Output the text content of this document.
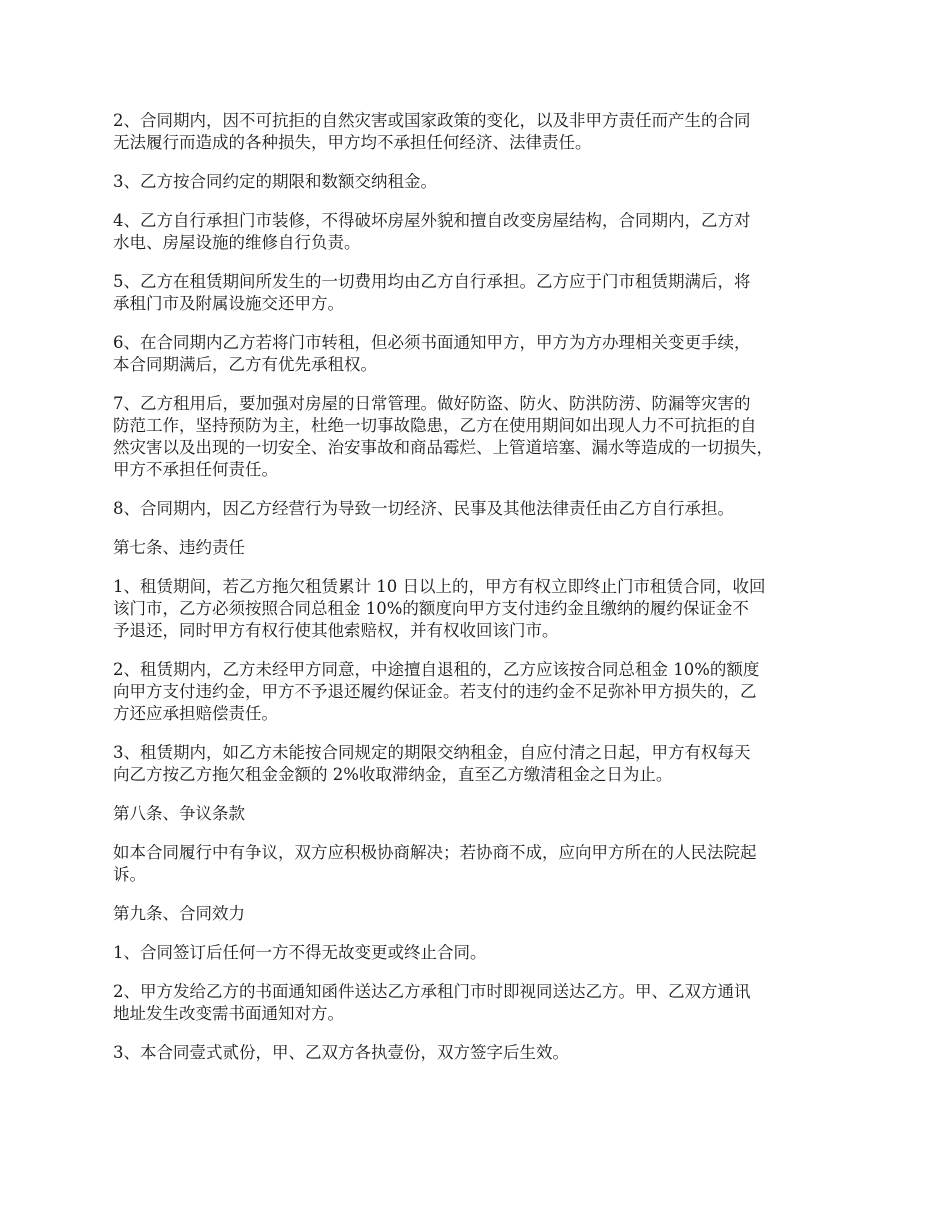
2、合同期内，因不可抗拒的自然灾害或国家政策的变化，以及非甲方责任而产生的合同
无法履行而造成的各种损失，甲方均不承担任何经济、法律责任。

3、乙方按合同约定的期限和数额交纳租金。

4、乙方自行承担门市装修，不得破坏房屋外貌和擅自改变房屋结构，合同期内，乙方对
水电、房屋设施的维修自行负责。

5、乙方在租赁期间所发生的一切费用均由乙方自行承担。乙方应于门市租赁期满后，将
承租门市及附属设施交还甲方。

6、在合同期内乙方若将门市转租，但必须书面通知甲方，甲方为方办理相关变更手续，
本合同期满后，乙方有优先承租权。

7、乙方租用后，要加强对房屋的日常管理。做好防盗、防火、防洪防涝、防漏等灾害的
防范工作，坚持预防为主，杜绝一切事故隐患，乙方在使用期间如出现人力不可抗拒的自
然灾害以及出现的一切安全、治安事故和商品霉烂、上管道培塞、漏水等造成的一切损失，
甲方不承担任何责任。

8、合同期内，因乙方经营行为导致一切经济、民事及其他法律责任由乙方自行承担。

第七条、违约责任

1、租赁期间，若乙方拖欠租赁累计 10 日以上的，甲方有权立即终止门市租赁合同，收回
该门市，乙方必须按照合同总租金 10%的额度向甲方支付违约金且缴纳的履约保证金不
予退还，同时甲方有权行使其他索赔权，并有权收回该门市。

2、租赁期内，乙方未经甲方同意，中途擅自退租的，乙方应该按合同总租金 10%的额度
向甲方支付违约金，甲方不予退还履约保证金。若支付的违约金不足弥补甲方损失的，乙
方还应承担赔偿责任。

3、租赁期内，如乙方未能按合同规定的期限交纳租金，自应付清之日起，甲方有权每天
向乙方按乙方拖欠租金金额的 2%收取滞纳金，直至乙方缴清租金之日为止。

第八条、争议条款

如本合同履行中有争议，双方应积极协商解决；若协商不成，应向甲方所在的人民法院起
诉。

第九条、合同效力

1、合同签订后任何一方不得无故变更或终止合同。

2、甲方发给乙方的书面通知函件送达乙方承租门市时即视同送达乙方。甲、乙双方通讯
地址发生改变需书面通知对方。

3、本合同壹式贰份，甲、乙双方各执壹份，双方签字后生效。
